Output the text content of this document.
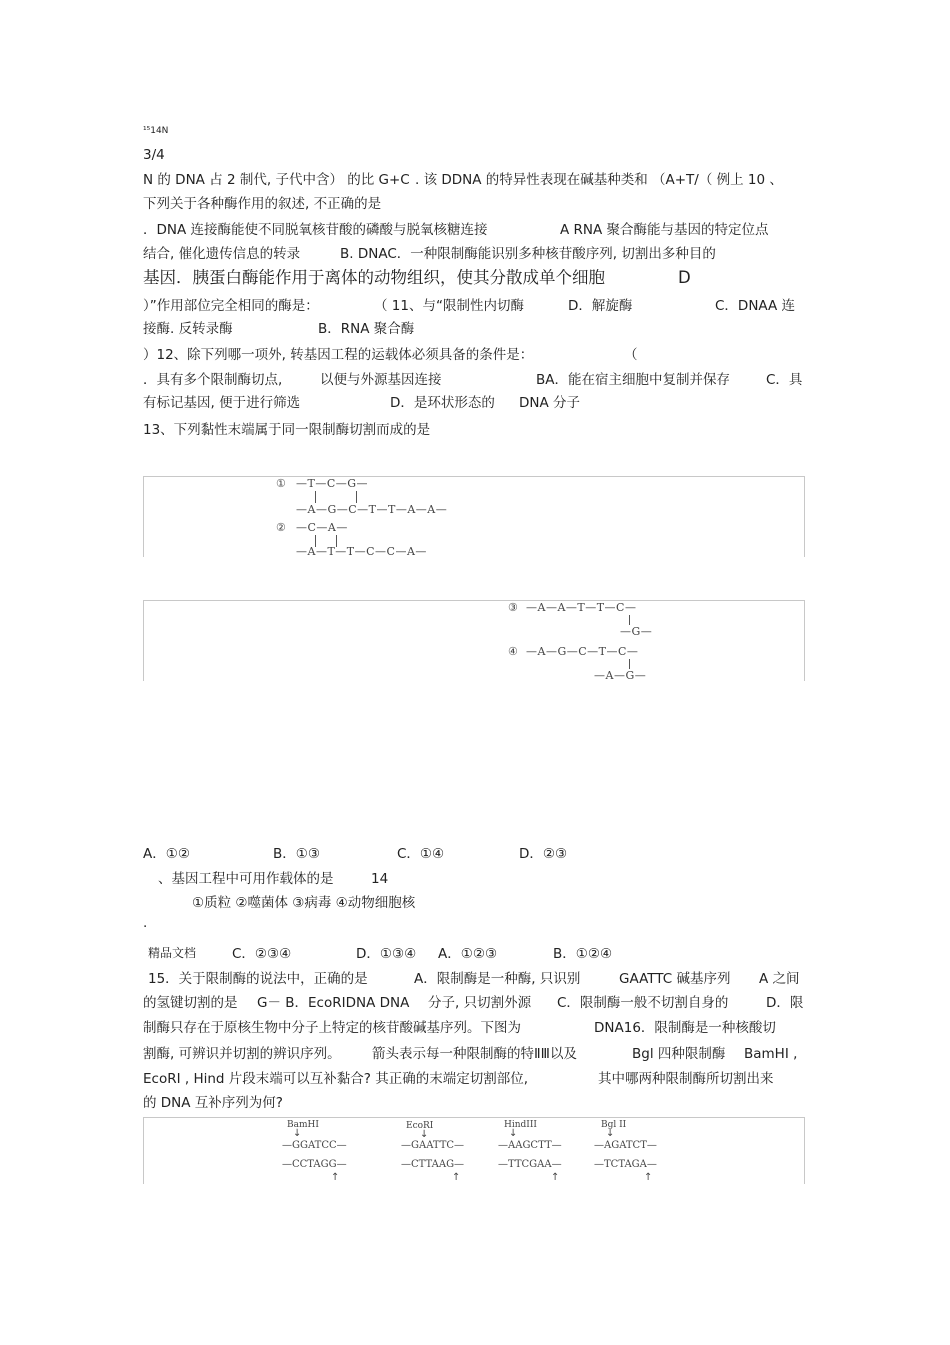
¹⁵14N
3/4
N 的 DNA 占 2 制代, 子代中含） 的比 G+C . 该 DDNA 的特异性表现在碱基种类和 （A+T/（ 例上 10 、
下列关于各种酶作用的叙述, 不正确的是
．DNA 连接酶能使不同脱氧核苷酸的磷酸与脱氧核糖连接	A RNA 聚合酶能与基因的特定位点
结合, 催化遗传信息的转录	B. DNAC．一种限制酶能识别多种核苷酸序列, 切割出多种目的
基因．胰蛋白酶能作用于离体的动物组织，使其分散成单个细胞	D
）”作用部位完全相同的酶是：	（ 11、与“限制性内切酶	D．解旋酶	C．DNAA 连
接酶. 反转录酶	B．RNA 聚合酶
）12、除下列哪一项外, 转基因工程的运载体必须具备的条件是：	（
．具有多个限制酶切点,	以便与外源基因连接	BA．能在宿主细胞中复制并保存	C．具
有标记基因, 便于进行筛选	D．是环状形态的 DNA 分子
13、下列黏性末端属于同一限制酶切割而成的是
① —T—C—G—
—A—G—C—T—T—A—A—
② —C—A—
—A—T—T—C—C—A—
③ —A—A—T—T—C—
—G—
④ —A—G—C—T—C—
—A—G—
A．①②	B．①③	C．①④	D．②③
、基因工程中可用作载体的是	14
①质粒 ②噬菌体 ③病毒 ④动物细胞核
·
精品文档	C．②③④	D．①③④ A．①②③	B．①②④
15．关于限制酶的说法中，正确的是	A．限制酶是一种酶, 只识别	GAATTC 碱基序列 A 之间
的氢键切割的是 G－ B．EcoRIDNA DNA 分子, 只切割外源 C．限制酶一般不切割自身的	D．限
制酶只存在于原核生物中分子上特定的核苷酸碱基序列。下图为	DNA16．限制酶是一种核酸切
割酶, 可辨识并切割的辨识序列。 箭头表示每一种限制酶的特ⅡⅢ以及	Bgl 四种限制酶 BamHI ,
EcoRI , Hind 片段末端可以互补黏合? 其正确的末端定切割部位,	其中哪两种限制酶所切割出来
的 DNA 互补序列为何?
BamHI
↓
—GGATCC—
—CCTAGG—
↑
EcoRI
↓
—GAATTC—
—CTTAAG—
↑
HindIII
↓
—AAGCTT—
—TTCGAA—
↑
Bgl II
↓
—AGATCT—
—TCTAGA—
↑
